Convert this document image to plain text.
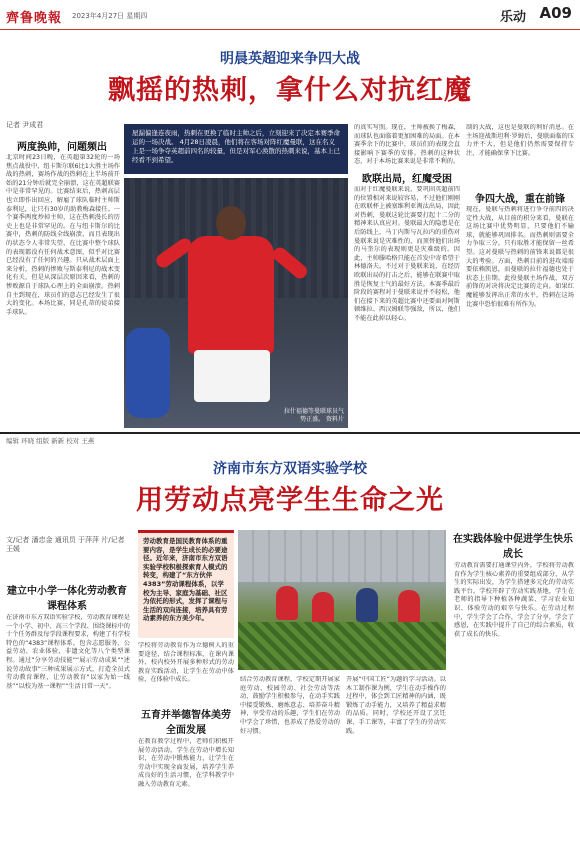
齊鲁晚報 2023年4月27日 星期四	乐动 A09
明晨英超迎来争四大战
飘摇的热刺，拿什么对抗红魔
记者 尹成君
两度换帅，问题频出
北京时间23日晚，在英超第32轮的一场焦点战役中，纽卡斯尔联6比1大胜主场作战的热刺，赛场作战的热刺在上半场前开始的21分钟后就完全崩溃，这在英超联赛中是非常罕见的。比赛结束后，热刺高层也立即作出回应，解雇了球队临时主帅斯泰利尼，让只有30岁的助教梅森接任。一个赛季两度炒掉主帅，这在热刺漫长的历史上也是非常罕见的。在与纽卡斯尔的比赛中，热刺的防线全线崩溃，而且表现出的状态令人非常失望，在比赛中整个球队的表现都没有任何战术意图，似乎对比赛已经没有了任何的兴趣。只从战术层面上来分析，热刺的惨败与斯泰利尼的战术变化有关，但是从深层次原因来看，热刺的惨败源自于球队心理上的全面崩溃。热刺自主到现在，球员们的意志已经发生了很大的变化。本场比赛，同是孔蒂的徒弟接手球队。
屋漏偏逢连夜雨，热刺在更换了临时主帅之后，立刻迎来了决定本赛季命运的一场决战。 4月28日凌晨，他们将在客场对阵红魔曼联，这在名义上是一场争夺英超前四名的较量，但是对军心涣散的热刺来说，基本上已经看不到希望。
拉什福德等曼联球员气势正盛。 资料片
的真实写照。现在，主帅被换了梅森，而球队也面临着更加困难的局面。在本赛季余下的比赛中，球员们的表现会直接影响下赛季的安排。热刺的这种状态，对于本场比赛来说是非常不利的。
欧联出局，红魔受困
而对于红魔曼联来说，要巩固英超前四的位置相对来说较容易，不过他们刚刚在欧联杯上被塞维利亚淘汰出局，因此对热刺，曼联这轮比赛要打起十二分的精神来认真应对。曼联最大的隐患是在后防线上，马丁内斯与瓦拉内的重伤对曼联来说是灾难性的，而顶替他们出场的马奎尔的表现则更是灾难级的。因此，主帅滕哈格只能在首发中寄希望于林德洛夫。不过对于曼联来说，在经历欧联出局的打击之后，能够在联赛中取胜是恢复士气的最好方法。本赛季最后阶段的赛程对于曼联来说并不轻松，他们在接下来的英超比赛中还要面对阿斯顿维拉、西汉姆联等强敌，所以，他们不能在此掉以轻心。
制的大战，这也是曼联的利好消息。在主场迎战斯坦利·罗姆后，曼联面临的压力并不大，但是他们仍然需要保持专注，才能确保拿下比赛。
争四大战，重在前锋
现在，曼联与热刺将进行争夺前四的决定性大战，从目前的积分来看，曼联在这场比赛中优势明显，只要他们不输球，就能够巩固排名。而热刺则需要全力争取三分，只有取胜才能保留一丝希望。这对曼联与热刺的前锋来说都是很大的考验。方面，热刺目前的进攻端需要依赖凯恩，而曼联的拉什福德也处于状态上佳期。此役曼联主场作战，双方前锋的对决将决定比赛的走向。如果红魔能够发挥出正常的水平，热刺在这场比赛中恐怕很难有所作为。
编辑 环晓 组版 新新 校对 王燕
济南市东方双语实验学校
用劳动点亮学生生命之光
文/记者 潘忠金 通讯员 于萍萍 片/记者 王媛
建立中小学一体化劳动教育课程体系
在济南市东方双语实验学校，劳动教育课程是一个小学、初中、高三个学段、围绕课标中的十个任务群及每学段课程要求，构建了有学校特色的“4383”课程体系，包含志愿服务、公益劳动、农业体验、非遗文化等八个类型课程。通过“分享劳动技能”“展示劳动成果”“述说劳动故事”三种成果展示方式，打造全员式劳动教育课程，让劳动教育“以家为始一线基”“以校为基一课程”“生活日常一天”。
劳动教育是国民教育体系的重要内容，是学生成长的必要途径。近年来，济南市东方双语实验学校积极探索育人模式的转变，构建了“东方伙伴4383”劳动课程体系，以学校为主导、家庭为基础、社区为依托的形式，发挥了课程与生活的双向连接，培养具有劳动素养的东方美少年。
学校将劳动教育作为立德树人的重要途径，结合课程标准，在课内课外、校内校外开展多种形式的劳动教育实践活动，让学生在劳动中体验，在体验中成长。
五育并举德智体美劳全面发展
在教育教学过程中，老师们积极开展劳动活动，学生在劳动中增长知识，在劳动中锻炼能力，让学生在劳动中实现全面发展，培养学生养成良好的生活习惯，在学科教学中融入劳动教育元素。
结合劳动教育课程，学校定期开展家庭劳动、校园劳动、社会劳动等活动，鼓励学生积极参与，在动手实践中接受锻炼、磨炼意志、培养奋斗精神，享受劳动的乐趣，学生们在劳动中学会了珍惜，也养成了热爱劳动的好习惯。
开展“中国工匠”为题的学习活动。以木工制作课为例，学生在动手操作的过程中，体会到工匠精神的内涵，既锻炼了动手能力，又培养了精益求精的品质。同时，学校还开设了烹饪课、手工课等，丰富了学生的劳动实践。
在实践体验中促进学生快乐成长
劳动教育需要打通课堂内外，学校将劳动教育作为学生核心素养的重要组成部分，从学生的实际出发，为学生搭建多元化的劳动实践平台。学校开辟了劳动实践基地，学生在老师的指导下种植各种蔬菜、学习农业知识、体验劳动的艰辛与快乐。在劳动过程中，学生学会了合作，学会了分享，学会了感恩，在实践中提升了自己的综合素质，收获了成长的快乐。
